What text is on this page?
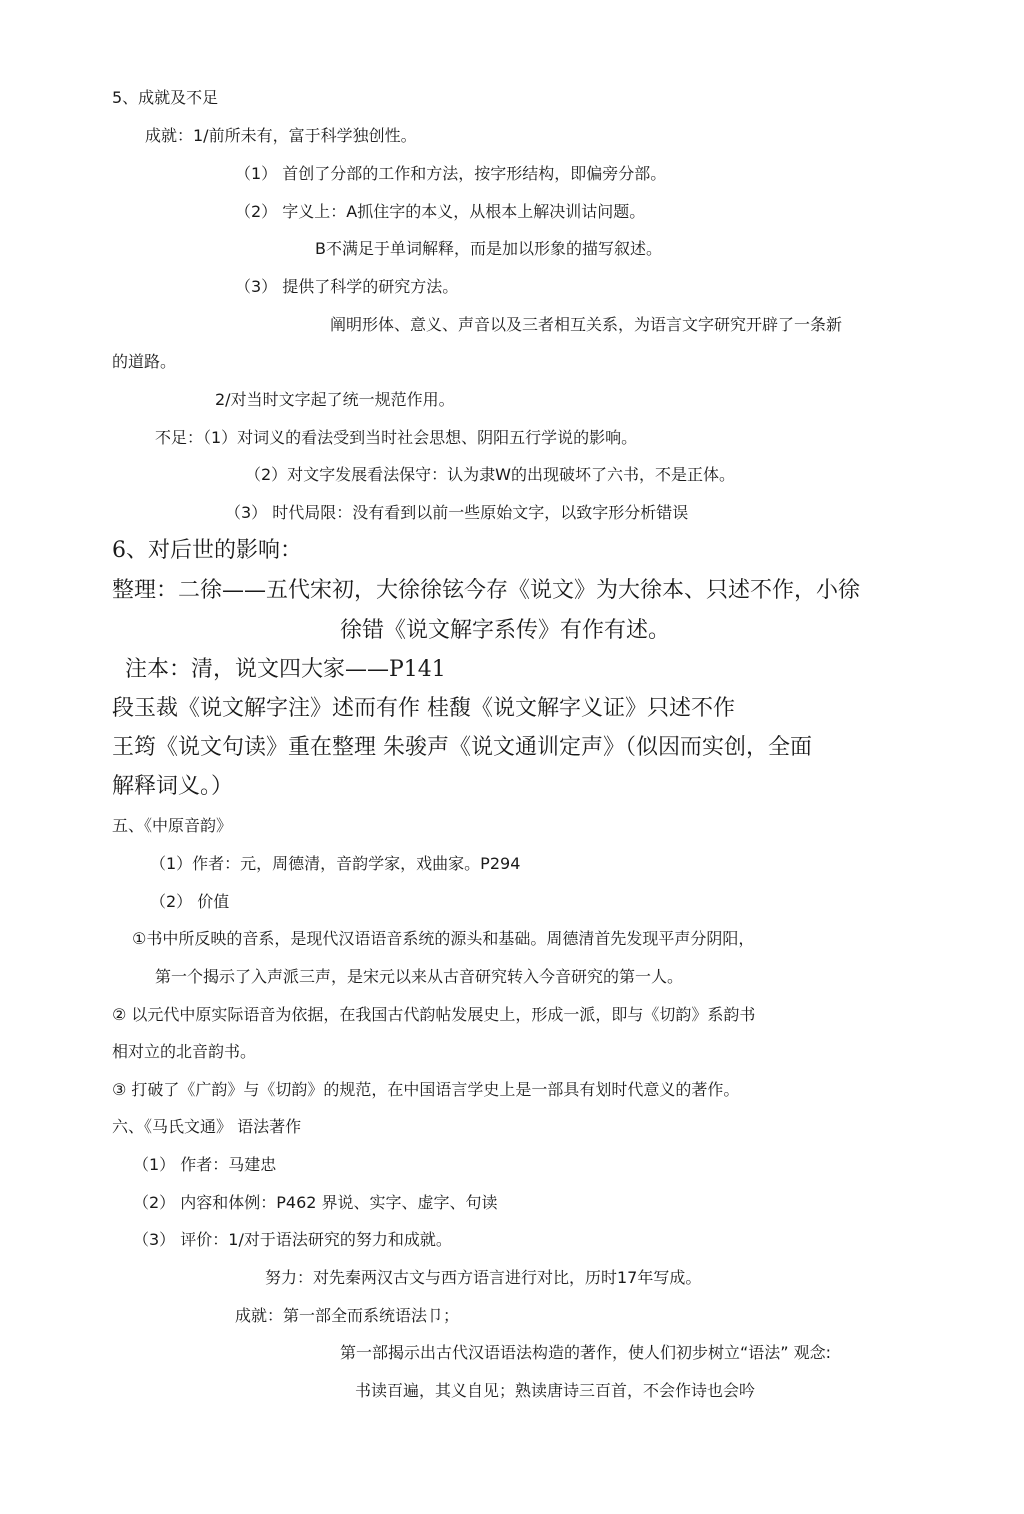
5、成就及不足
成就：1/前所未有，富于科学独创性。
（1） 首创了分部的工作和方法，按字形结构，即偏旁分部。
（2） 字义上：A抓住字的本义，从根本上解决训诂问题。
B不满足于单词解释，而是加以形象的描写叙述。
（3） 提供了科学的研究方法。
阐明形体、意义、声音以及三者相互关系，为语言文字研究开辟了一条新
的道路。
2/对当时文字起了统一规范作用。
不足：（1）对词义的看法受到当时社会思想、阴阳五行学说的影响。
（2）对文字发展看法保守：认为隶W的出现破坏了六书，不是正体。
（3） 时代局限：没有看到以前一些原始文字，以致字形分析错误
6、对后世的影响：
整理：二徐——五代宋初，大徐徐铉今存《说文》为大徐本、只述不作，小徐
徐错《说文解字系传》有作有述。
注本：清，说文四大家——P141
段玉裁《说文解字注》述而有作 桂馥《说文解字义证》只述不作
王筠《说文句读》重在整理 朱骏声《说文通训定声》（似因而实创，全面
解释词义。）
五、《中原音韵》
（1）作者：元，周德清，音韵学家，戏曲家。P294
（2） 价值
①书中所反映的音系，是现代汉语语音系统的源头和基础。周德清首先发现平声分阴阳，
第一个揭示了入声派三声，是宋元以来从古音研究转入今音研究的第一人。
② 以元代中原实际语音为依据，在我国古代韵帖发展史上，形成一派，即与《切韵》系韵书
相对立的北音韵书。
③ 打破了《广韵》与《切韵》的规范，在中国语言学史上是一部具有划时代意义的著作。
六、《马氏文通》 语法著作
（1） 作者：马建忠
（2） 内容和体例：P462 界说、实字、虚字、句读
（3） 评价：1/对于语法研究的努力和成就。
努力：对先秦两汉古文与西方语言进行对比，历时17年写成。
成就：第一部全而系统语法卩；
第一部揭示出古代汉语语法构造的著作，使人们初步树立“语法” 观念:
书读百遍，其义自见；熟读唐诗三百首，不会作诗也会吟
